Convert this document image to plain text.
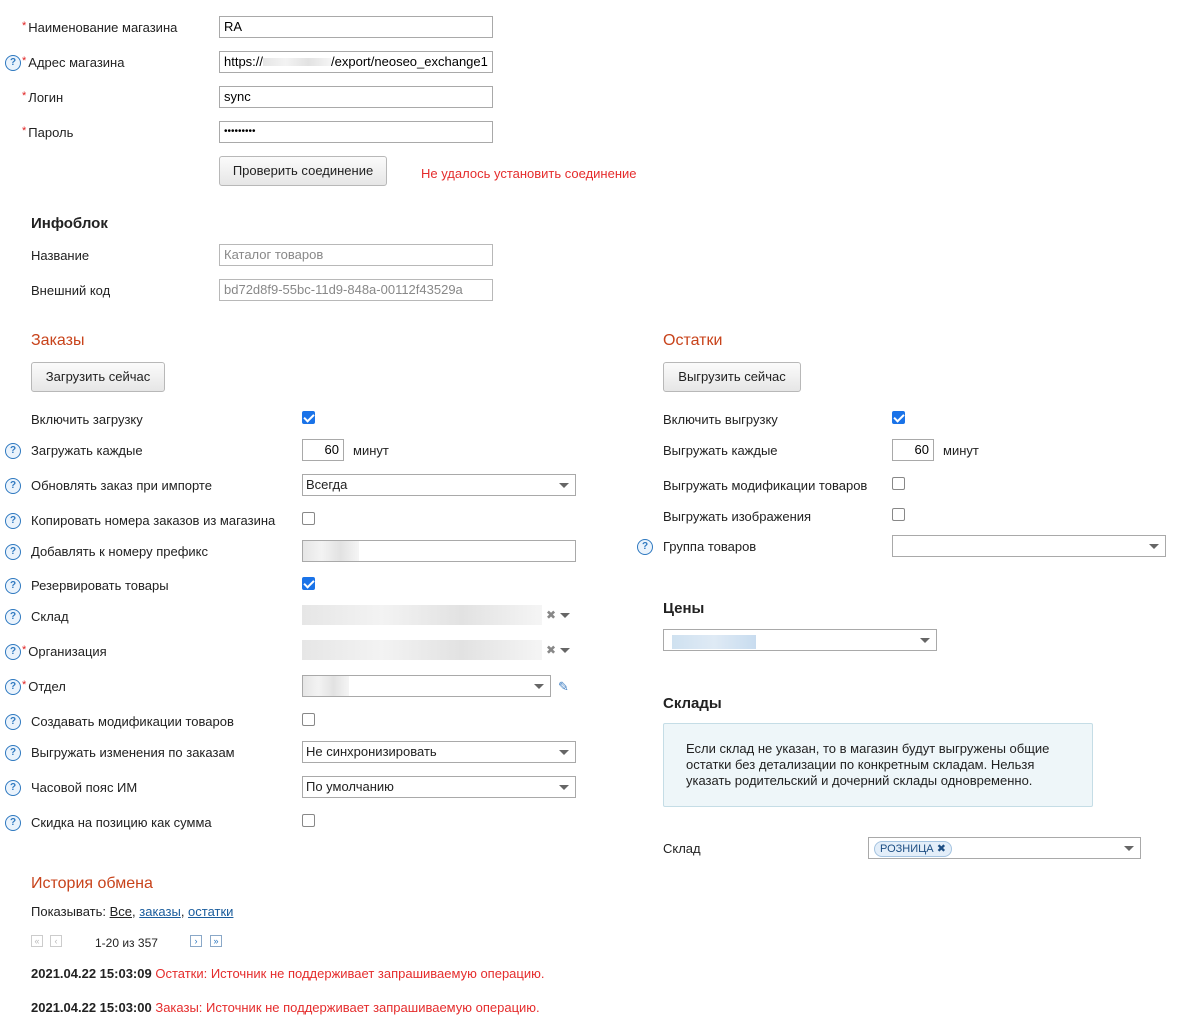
* Наименование магазина	RA
? * Адрес магазина	https://	/export/neoseo_exchange1
* Логин	sync
* Пароль	•••••••••
Проверить соединение	Не удалось установить соединение
Инфоблок
Название	Каталог товаров
Внешний код	bd72d8f9-55bc-11d9-848a-00112f43529a
Заказы
Загрузить сейчас
Включить загрузку
?	Загружать каждые	60	минут
?	Обновлять заказ при импорте	Всегда
?	Копировать номера заказов из магазина
?	Добавлять к номеру префикс
?	Резервировать товары
?	Склад	✖
? * Организация	✖
? * Отдел	✎
?	Создавать модификации товаров
?	Выгружать изменения по заказам	Не синхронизировать
?	Часовой пояс ИМ	По умолчанию
?	Скидка на позицию как сумма
Остатки
Выгрузить сейчас
Включить выгрузку
Выгружать каждые	60	минут
Выгружать модификации товаров
Выгружать изображения
?	Группа товаров
Цены
Склады
Если склад не указан, то в магазин будут выгружены общие остатки без детализации по конкретным складам. Нельзя указать родительский и дочерний склады одновременно.
Склад	РОЗНИЦА ✖
История обмена
Показывать: Все, заказы, остатки
«	‹	1-20 из 357	›	»
2021.04.22 15:03:09 Остатки: Источник не поддерживает запрашиваемую операцию.
2021.04.22 15:03:00 Заказы: Источник не поддерживает запрашиваемую операцию.
